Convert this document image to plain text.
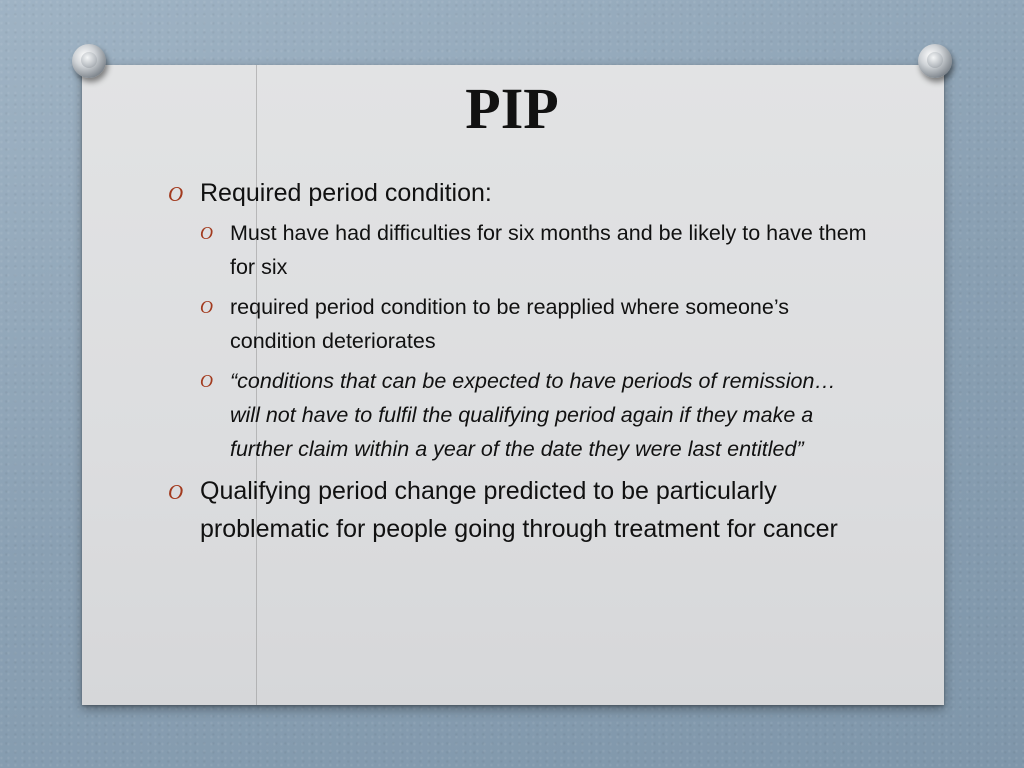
PIP
O Required period condition:
O Must have had difficulties for six months and be likely to have them for six
O required period condition to be reapplied where someone’s condition deteriorates
O “conditions that can be expected to have periods of remission… will not have to fulfil the qualifying period again if they make a further claim within a year of the date they were last entitled”
O Qualifying period change predicted to be particularly problematic for people going through treatment for cancer
